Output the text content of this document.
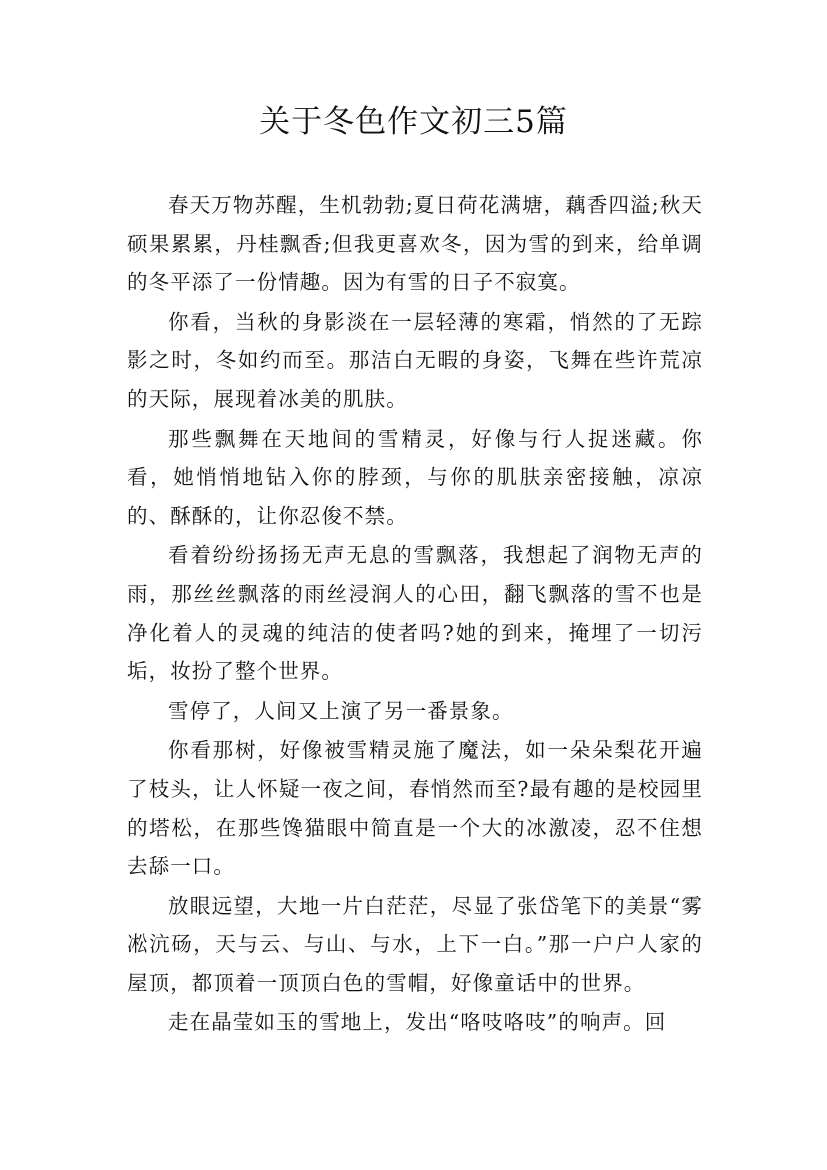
关于冬色作文初三5篇

春天万物苏醒，生机勃勃;夏日荷花满塘，藕香四溢;秋天硕果累累，丹桂飘香;但我更喜欢冬，因为雪的到来，给单调的冬平添了一份情趣。因为有雪的日子不寂寞。

你看，当秋的身影淡在一层轻薄的寒霜，悄然的了无踪影之时，冬如约而至。那洁白无暇的身姿，飞舞在些许荒凉的天际，展现着冰美的肌肤。

那些飘舞在天地间的雪精灵，好像与行人捉迷藏。你看，她悄悄地钻入你的脖颈，与你的肌肤亲密接触，凉凉的、酥酥的，让你忍俊不禁。

看着纷纷扬扬无声无息的雪飘落，我想起了润物无声的雨，那丝丝飘落的雨丝浸润人的心田，翻飞飘落的雪不也是净化着人的灵魂的纯洁的使者吗?她的到来，掩埋了一切污垢，妆扮了整个世界。

雪停了，人间又上演了另一番景象。

你看那树，好像被雪精灵施了魔法，如一朵朵梨花开遍了枝头，让人怀疑一夜之间，春悄然而至?最有趣的是校园里的塔松，在那些馋猫眼中简直是一个大的冰激凌，忍不住想去舔一口。

放眼远望，大地一片白茫茫，尽显了张岱笔下的美景“雾凇沆砀，天与云、与山、与水，上下一白。”那一户户人家的屋顶，都顶着一顶顶白色的雪帽，好像童话中的世界。

走在晶莹如玉的雪地上，发出“咯吱咯吱”的响声。回
